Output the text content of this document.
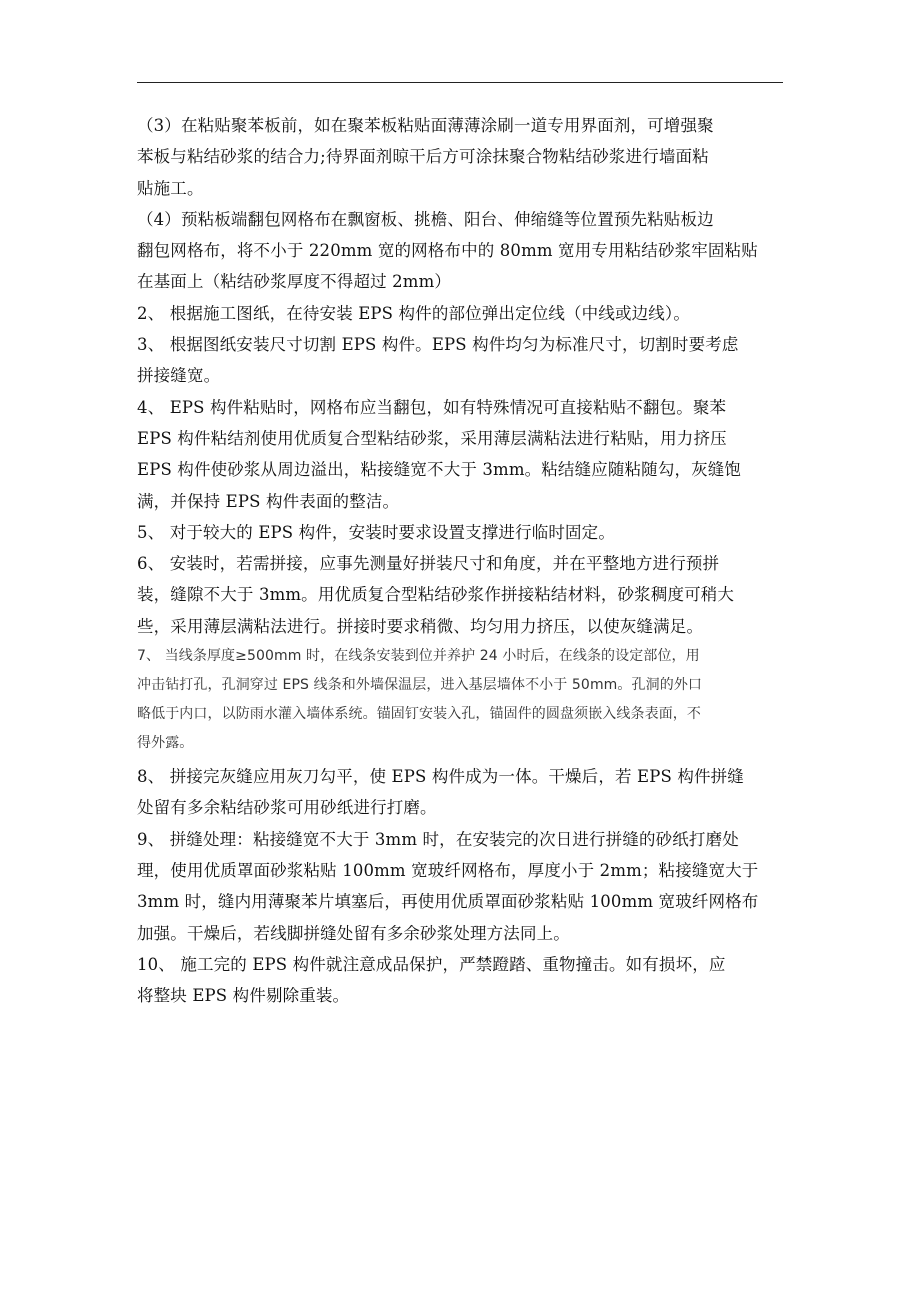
（3）在粘贴聚苯板前，如在聚苯板粘贴面薄薄涂刷一道专用界面剂，可增强聚
苯板与粘结砂浆的结合力;待界面剂晾干后方可涂抹聚合物粘结砂浆进行墙面粘
贴施工。

（4）预粘板端翻包网格布在飘窗板、挑檐、阳台、伸缩缝等位置预先粘贴板边
翻包网格布，将不小于 220mm 宽的网格布中的 80mm 宽用专用粘结砂浆牢固粘贴
在基面上（粘结砂浆厚度不得超过 2mm）

2、 根据施工图纸，在待安装 EPS 构件的部位弹出定位线（中线或边线）。

3、 根据图纸安装尺寸切割 EPS 构件。EPS 构件均匀为标准尺寸，切割时要考虑
拼接缝宽。

4、 EPS 构件粘贴时，网格布应当翻包，如有特殊情况可直接粘贴不翻包。聚苯
EPS 构件粘结剂使用优质复合型粘结砂浆，采用薄层满粘法进行粘贴，用力挤压
EPS 构件使砂浆从周边溢出，粘接缝宽不大于 3mm。粘结缝应随粘随勾，灰缝饱
满，并保持 EPS 构件表面的整洁。

5、 对于较大的 EPS 构件，安装时要求设置支撑进行临时固定。

6、 安装时，若需拼接，应事先测量好拼装尺寸和角度，并在平整地方进行预拼
装，缝隙不大于 3mm。用优质复合型粘结砂浆作拼接粘结材料，砂浆稠度可稍大
些，采用薄层满粘法进行。拼接时要求稍微、均匀用力挤压，以使灰缝满足。

7、 当线条厚度≥500mm 时，在线条安装到位并养护 24 小时后，在线条的设定部位，用
冲击钻打孔，孔洞穿过 EPS 线条和外墙保温层，进入基层墙体不小于 50mm。孔洞的外口
略低于内口，以防雨水灌入墙体系统。锚固钉安装入孔，锚固件的圆盘须嵌入线条表面，不
得外露。

8、 拼接完灰缝应用灰刀勾平，使 EPS 构件成为一体。干燥后，若 EPS 构件拼缝
处留有多余粘结砂浆可用砂纸进行打磨。

9、 拼缝处理：粘接缝宽不大于 3mm 时，在安装完的次日进行拼缝的砂纸打磨处
理，使用优质罩面砂浆粘贴 100mm 宽玻纤网格布，厚度小于 2mm；粘接缝宽大于
3mm 时，缝内用薄聚苯片填塞后，再使用优质罩面砂浆粘贴 100mm 宽玻纤网格布
加强。干燥后，若线脚拼缝处留有多余砂浆处理方法同上。

10、 施工完的 EPS 构件就注意成品保护，严禁蹬踏、重物撞击。如有损坏，应
将整块 EPS 构件剔除重装。
